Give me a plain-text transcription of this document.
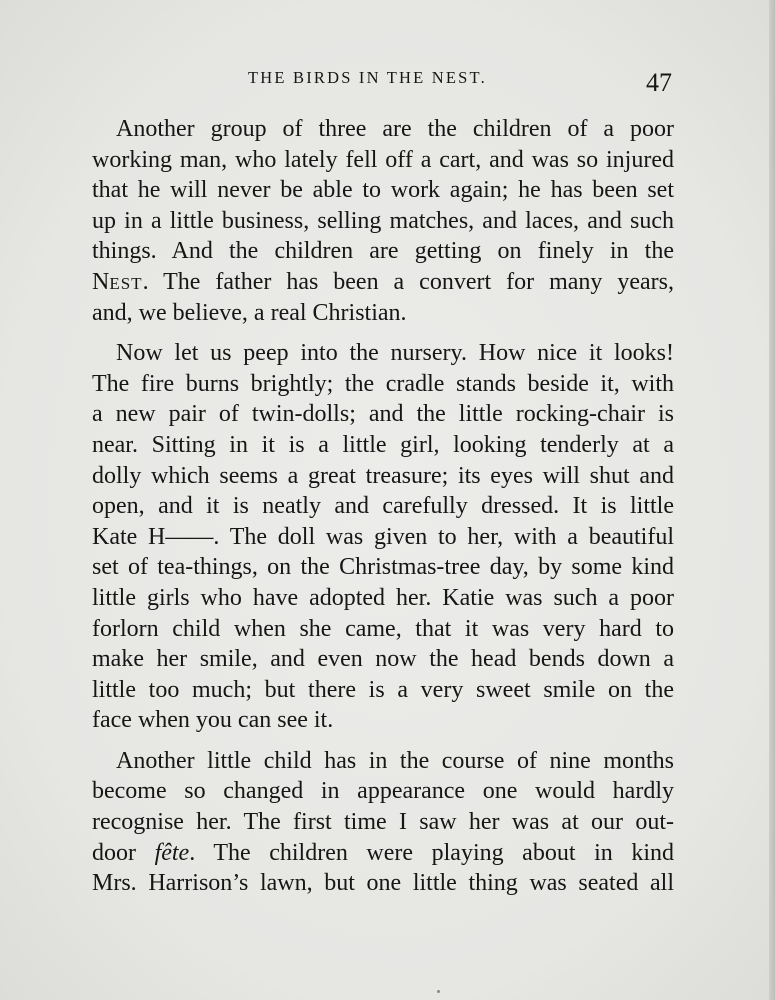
THE BIRDS IN THE NEST.	47
Another group of three are the children of a poor
working man, who lately fell off a cart, and was so injured
that he will never be able to work again; he has been set
up in a little business, selling matches, and laces, and such
things. And the children are getting on finely in the
NEST. The father has been a convert for many years,
and, we believe, a real Christian.
Now let us peep into the nursery. How nice it looks!
The fire burns brightly; the cradle stands beside it, with
a new pair of twin-dolls; and the little rocking-chair is
near. Sitting in it is a little girl, looking tenderly at a
dolly which seems a great treasure; its eyes will shut and
open, and it is neatly and carefully dressed. It is little
Kate H——. The doll was given to her, with a beautiful
set of tea-things, on the Christmas-tree day, by some kind
little girls who have adopted her. Katie was such a poor
forlorn child when she came, that it was very hard to
make her smile, and even now the head bends down a
little too much; but there is a very sweet smile on the
face when you can see it.
Another little child has in the course of nine months
become so changed in appearance one would hardly
recognise her. The first time I saw her was at our out-
door fête. The children were playing about in kind
Mrs. Harrison’s lawn, but one little thing was seated all
